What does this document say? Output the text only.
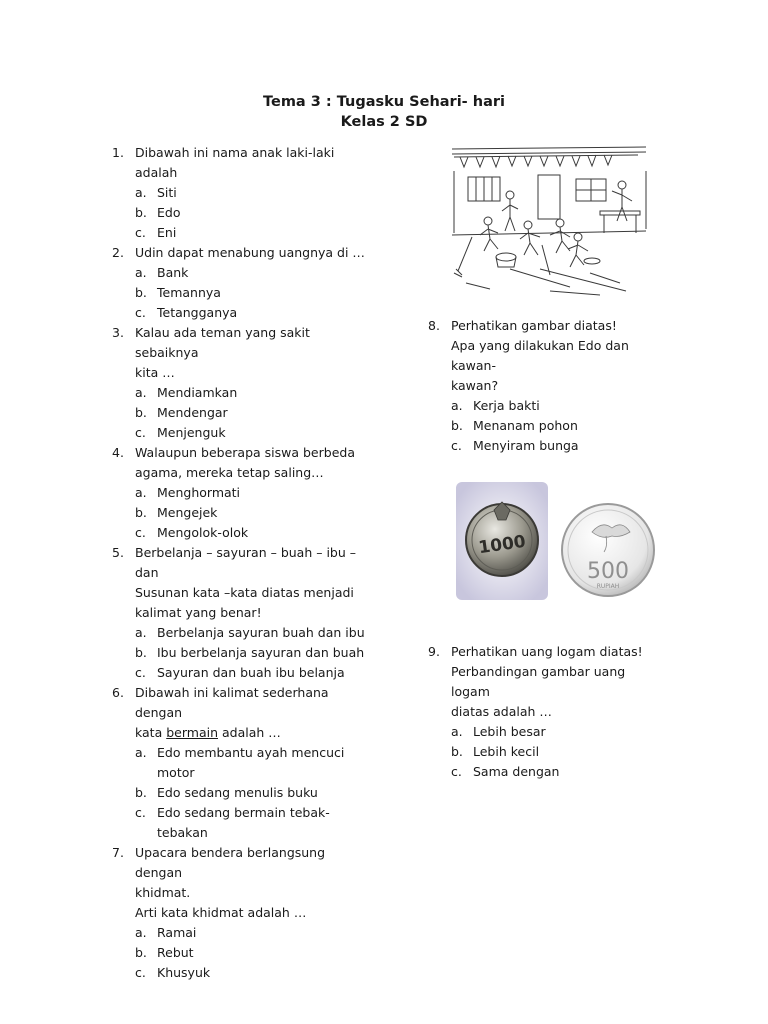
Tema 3 : Tugasku Sehari- hari
Kelas 2 SD
1. Dibawah ini nama anak laki-laki adalah
a. Siti
b. Edo
c. Eni
2. Udin dapat menabung uangnya di …
a. Bank
b. Temannya
c. Tetangganya
3. Kalau ada teman yang sakit sebaiknya
kita …
a. Mendiamkan
b. Mendengar
c. Menjenguk
4. Walaupun beberapa siswa berbeda
agama, mereka tetap saling…
a. Menghormati
b. Mengejek
c. Mengolok-olok
5. Berbelanja – sayuran – buah – ibu – dan
Susunan kata –kata diatas menjadi
kalimat yang benar!
a. Berbelanja sayuran buah dan ibu
b. Ibu berbelanja sayuran dan buah
c. Sayuran dan buah ibu belanja
6. Dibawah ini kalimat sederhana dengan
kata bermain adalah …
a. Edo membantu ayah mencuci
motor
b. Edo sedang menulis buku
c. Edo sedang bermain tebak-tebakan
7. Upacara bendera berlangsung dengan
khidmat.
Arti kata khidmat adalah …
a. Ramai
b. Rebut
c. Khusyuk
8. Perhatikan gambar diatas!
Apa yang dilakukan Edo dan kawan-
kawan?
a. Kerja bakti
b. Menanam pohon
c. Menyiram bunga
1000
500
RUPIAH
9. Perhatikan uang logam diatas!
Perbandingan gambar uang logam
diatas adalah …
a. Lebih besar
b. Lebih kecil
c. Sama dengan
